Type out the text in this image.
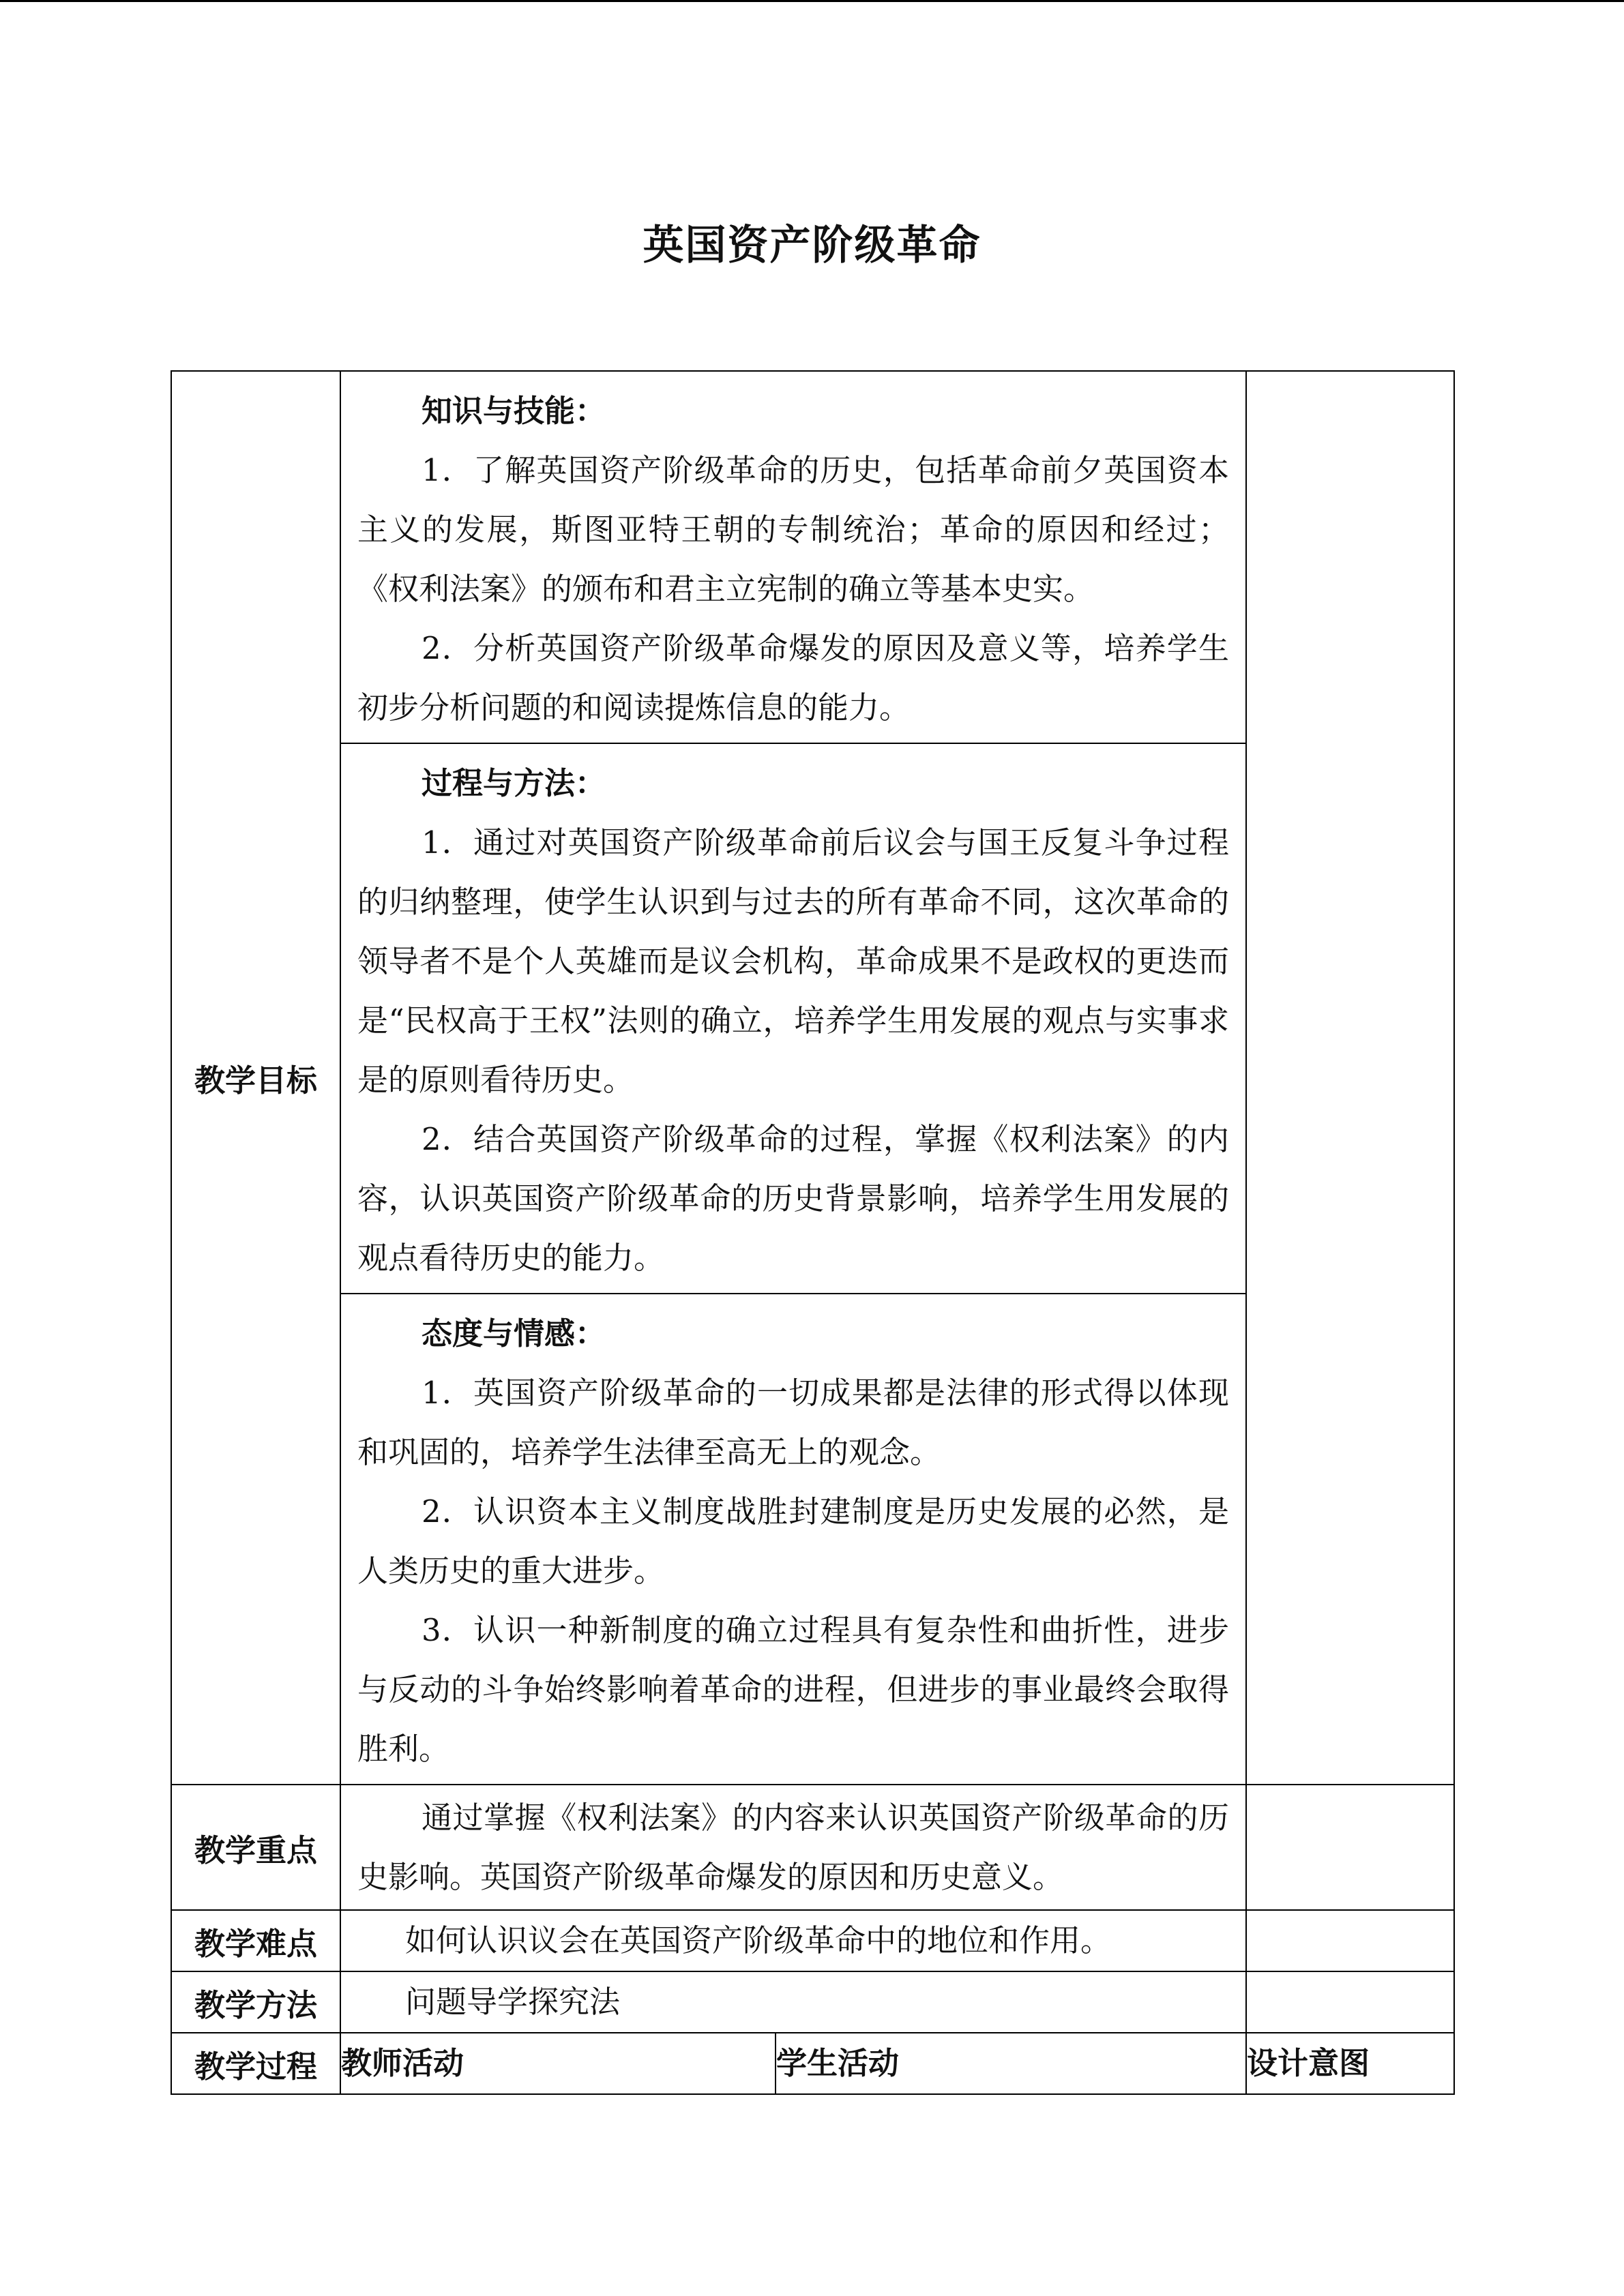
英国资产阶级革命
教学目标	知识与技能：

1．了解英国资产阶级革命的历史，包括革命前夕英国资本主义的发展，斯图亚特王朝的专制统治；革命的原因和经过；《权利法案》的颁布和君主立宪制的确立等基本史实。

2．分析英国资产阶级革命爆发的原因及意义等，培养学生初步分析问题的和阅读提炼信息的能力。		

	过程与方法：

1．通过对英国资产阶级革命前后议会与国王反复斗争过程的归纳整理，使学生认识到与过去的所有革命不同，这次革命的领导者不是个人英雄而是议会机构，革命成果不是政权的更迭而是“民权高于王权”法则的确立，培养学生用发展的观点与实事求是的原则看待历史。

2．结合英国资产阶级革命的过程，掌握《权利法案》的内容，认识英国资产阶级革命的历史背景影响，培养学生用发展的观点看待历史的能力。		

	态度与情感：

1．英国资产阶级革命的一切成果都是法律的形式得以体现和巩固的，培养学生法律至高无上的观念。

2．认识资本主义制度战胜封建制度是历史发展的必然，是人类历史的重大进步。

3．认识一种新制度的确立过程具有复杂性和曲折性，进步与反动的斗争始终影响着革命的进程，但进步的事业最终会取得胜利。		

教学重点	通过掌握《权利法案》的内容来认识英国资产阶级革命的历史影响。英国资产阶级革命爆发的原因和历史意义。		

教学难点	如何认识议会在英国资产阶级革命中的地位和作用。		
教学方法	问题导学探究法		
教学过程	教师活动	学生活动	设计意图
